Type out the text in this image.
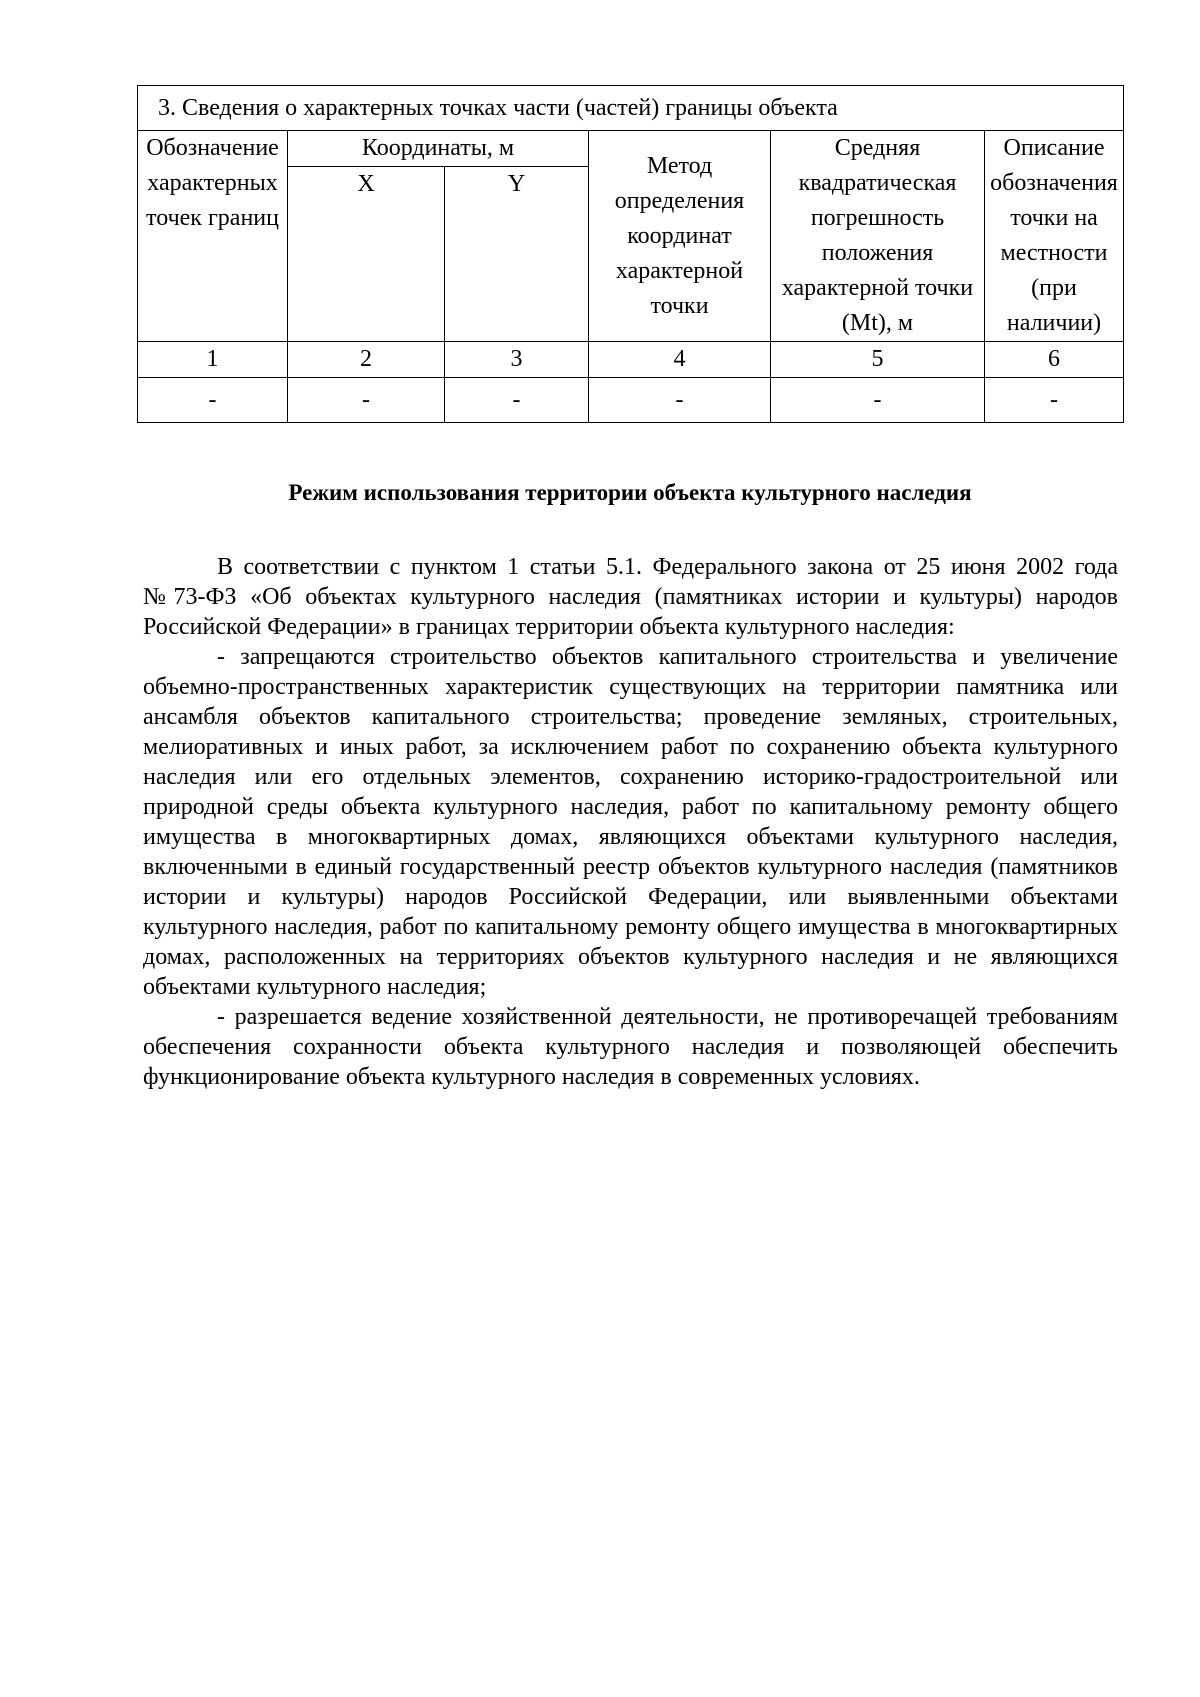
3. Сведения о характерных точках части (частей) границы объекта					
Обозначение характерных точек границ	Координаты, м		Метод определения координат характерной точки	Средняя квадратическая погрешность положения характерной точки (Mt), м	Описание обозначения точки на местности (при наличии)
	X	Y			
1	2	3	4	5	6
-	-	-	-	-	-
Режим использования территории объекта культурного наследия

В соответствии с пунктом 1 статьи 5.1. Федерального закона от 25 июня 2002 года №73-ФЗ «Об объектах культурного наследия (памятниках истории и культуры) народов Российской Федерации» в границах территории объекта культурного наследия:

- запрещаются строительство объектов капитального строительства и увеличение объемно-пространственных характеристик существующих на территории памятника или ансамбля объектов капитального строительства; проведение земляных, строительных, мелиоративных и иных работ, за исключением работ по сохранению объекта культурного наследия или его отдельных элементов, сохранению историко-градостроительной или природной среды объекта культурного наследия, работ по капитальному ремонту общего имущества в многоквартирных домах, являющихся объектами культурного наследия, включенными в единый государственный реестр объектов культурного наследия (памятников истории и культуры) народов Российской Федерации, или выявленными объектами культурного наследия, работ по капитальному ремонту общего имущества в многоквартирных домах, расположенных на территориях объектов культурного наследия и не являющихся объектами культурного наследия;

- разрешается ведение хозяйственной деятельности, не противоречащей требованиям обеспечения сохранности объекта культурного наследия и позволяющей обеспечить функционирование объекта культурного наследия в современных условиях.
